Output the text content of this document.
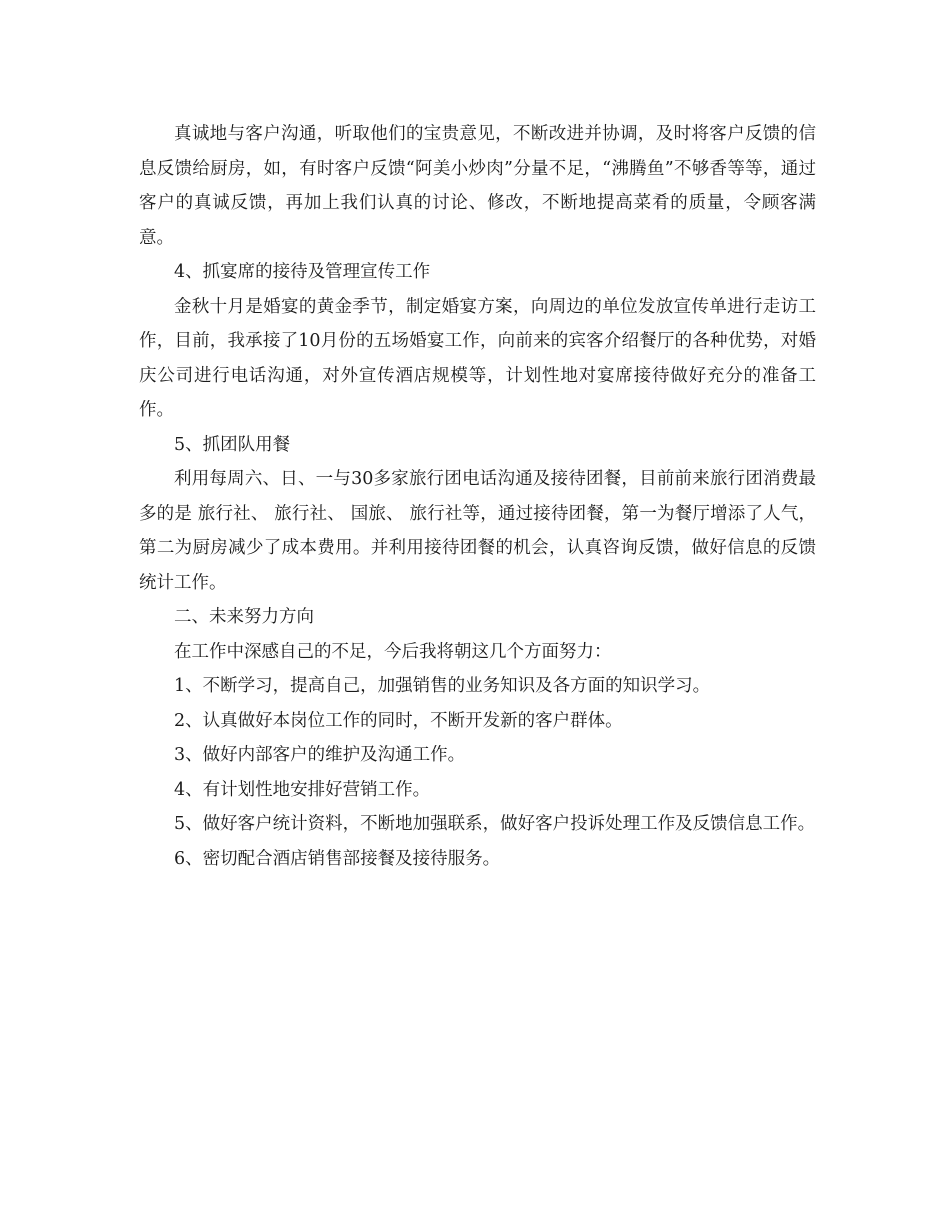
真诚地与客户沟通，听取他们的宝贵意见，不断改进并协调，及时将客户反馈的信息反馈给厨房，如，有时客户反馈“阿美小炒肉”分量不足，“沸腾鱼”不够香等等，通过客户的真诚反馈，再加上我们认真的讨论、修改，不断地提高菜肴的质量，令顾客满意。

4、抓宴席的接待及管理宣传工作

金秋十月是婚宴的黄金季节，制定婚宴方案，向周边的单位发放宣传单进行走访工作，目前，我承接了10月份的五场婚宴工作，向前来的宾客介绍餐厅的各种优势，对婚庆公司进行电话沟通，对外宣传酒店规模等，计划性地对宴席接待做好充分的准备工作。

5、抓团队用餐

利用每周六、日、一与30多家旅行团电话沟通及接待团餐，目前前来旅行团消费最多的是 旅行社、 旅行社、 国旅、 旅行社等，通过接待团餐，第一为餐厅增添了人气，第二为厨房减少了成本费用。并利用接待团餐的机会，认真咨询反馈，做好信息的反馈统计工作。

二、未来努力方向

在工作中深感自己的不足，今后我将朝这几个方面努力：

1、不断学习，提高自己，加强销售的业务知识及各方面的知识学习。

2、认真做好本岗位工作的同时，不断开发新的客户群体。

3、做好内部客户的维护及沟通工作。

4、有计划性地安排好营销工作。

5、做好客户统计资料，不断地加强联系，做好客户投诉处理工作及反馈信息工作。

6、密切配合酒店销售部接餐及接待服务。
